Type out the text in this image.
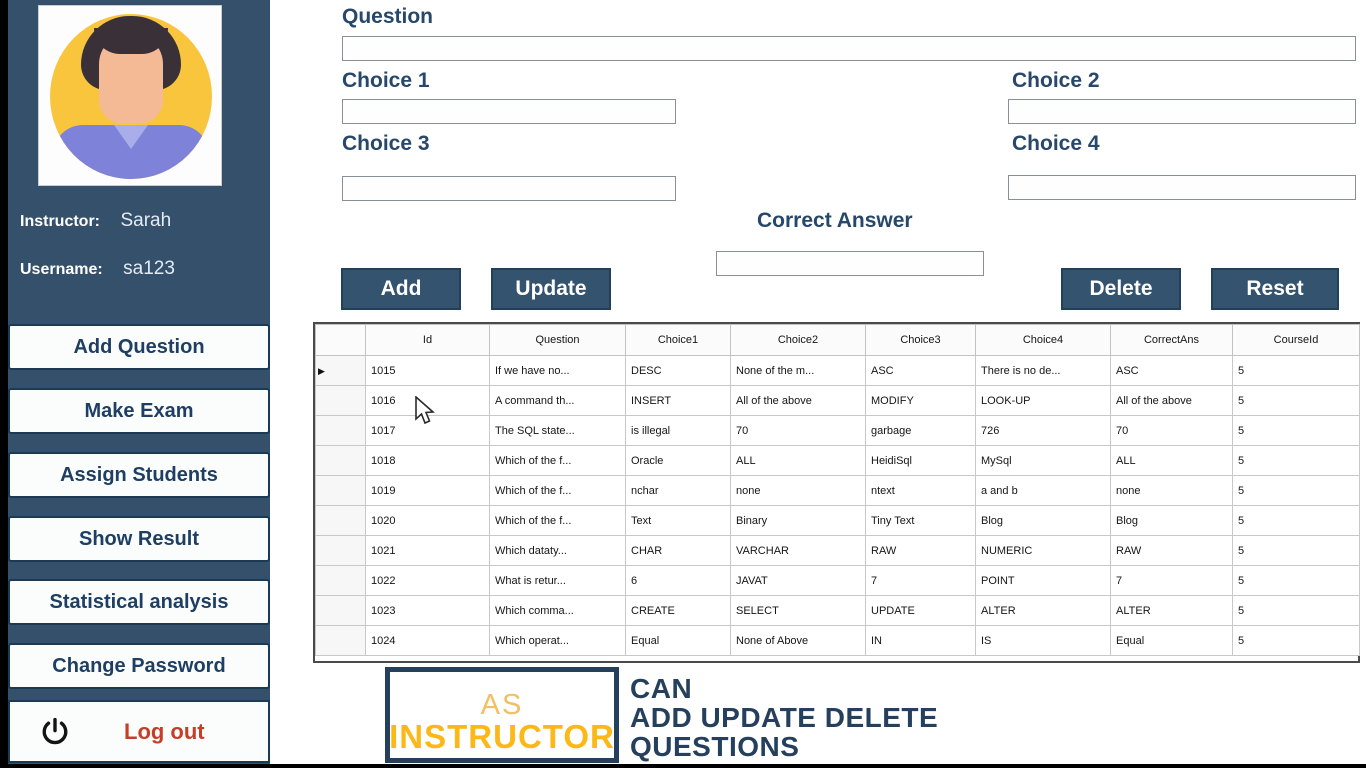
Instructor: Sarah
Username: sa123
Add Question
Make Exam
Assign Students
Show Result
Statistical analysis
Change Password
Log out
Question
Choice 1	Choice 2
Choice 3	Choice 4
Correct Answer
Add	Update	Delete	Reset
	Id	Question	Choice1	Choice2	Choice3	Choice4	CorrectAns	CourseId
▶	1015	If we have no...	DESC	None of the m...	ASC	There is no de...	ASC	5
	1016	A command th...	INSERT	All of the above	MODIFY	LOOK-UP	All of the above	5
	1017	The SQL state...	is illegal	70	garbage	726	70	5
	1018	Which of the f...	Oracle	ALL	HeidiSql	MySql	ALL	5
	1019	Which of the f...	nchar	none	ntext	a and b	none	5
	1020	Which of the f...	Text	Binary	Tiny Text	Blog	Blog	5
	1021	Which dataty...	CHAR	VARCHAR	RAW	NUMERIC	RAW	5
	1022	What is retur...	6	JAVAT	7	POINT	7	5
	1023	Which comma...	CREATE	SELECT	UPDATE	ALTER	ALTER	5
	1024	Which operat...	Equal	None of Above	IN	IS	Equal	5
AS
INSTRUCTOR
CAN
ADD UPDATE DELETE
QUESTIONS
